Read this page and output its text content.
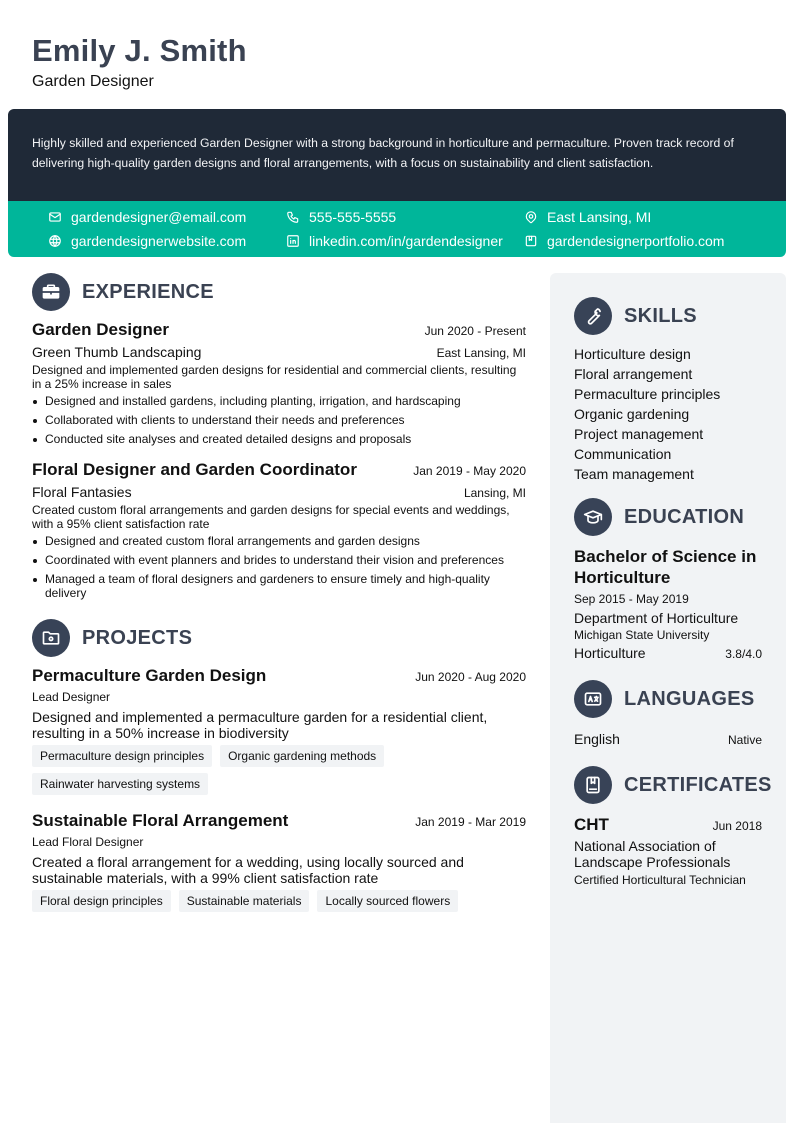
Emily J. Smith
Garden Designer
Highly skilled and experienced Garden Designer with a strong background in horticulture and permaculture. Proven track record of delivering high-quality garden designs and floral arrangements, with a focus on sustainability and client satisfaction.
gardendesigner@email.com	555-555-5555	East Lansing, MI
gardendesignerwebsite.com	linkedin.com/in/gardendesigner	gardendesignerportfolio.com
EXPERIENCE
Garden Designer	Jun 2020 - Present
Green Thumb Landscaping	East Lansing, MI
Designed and implemented garden designs for residential and commercial clients, resulting in a 25% increase in sales
Designed and installed gardens, including planting, irrigation, and hardscaping
Collaborated with clients to understand their needs and preferences
Conducted site analyses and created detailed designs and proposals
Floral Designer and Garden Coordinator	Jan 2019 - May 2020
Floral Fantasies	Lansing, MI
Created custom floral arrangements and garden designs for special events and weddings, with a 95% client satisfaction rate
Designed and created custom floral arrangements and garden designs
Coordinated with event planners and brides to understand their vision and preferences
Managed a team of floral designers and gardeners to ensure timely and high-quality delivery
PROJECTS
Permaculture Garden Design	Jun 2020 - Aug 2020
Lead Designer
Designed and implemented a permaculture garden for a residential client, resulting in a 50% increase in biodiversity
Permaculture design principles	Organic gardening methods
Rainwater harvesting systems
Sustainable Floral Arrangement	Jan 2019 - Mar 2019
Lead Floral Designer
Created a floral arrangement for a wedding, using locally sourced and sustainable materials, with a 99% client satisfaction rate
Floral design principles	Sustainable materials	Locally sourced flowers
SKILLS
Horticulture design
Floral arrangement
Permaculture principles
Organic gardening
Project management
Communication
Team management
EDUCATION
Bachelor of Science in Horticulture
Sep 2015 - May 2019
Department of Horticulture
Michigan State University
Horticulture	3.8/4.0
LANGUAGES
English	Native
CERTIFICATES
CHT	Jun 2018
National Association of Landscape Professionals
Certified Horticultural Technician
